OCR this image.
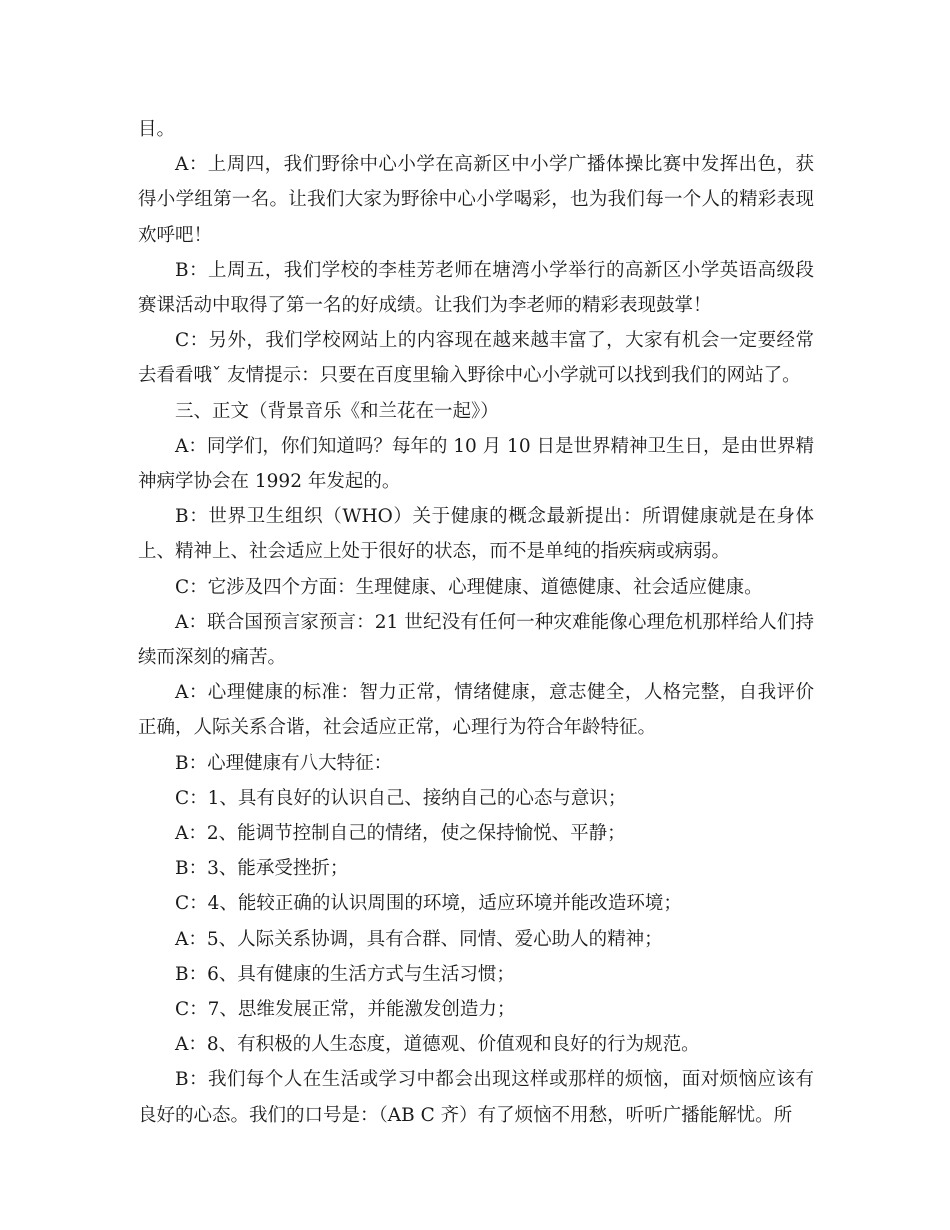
目。

A：上周四，我们野徐中心小学在高新区中小学广播体操比赛中发挥出色，获得小学组第一名。让我们大家为野徐中心小学喝彩，也为我们每一个人的精彩表现欢呼吧！

B：上周五，我们学校的李桂芳老师在塘湾小学举行的高新区小学英语高级段赛课活动中取得了第一名的好成绩。让我们为李老师的精彩表现鼓掌！

C：另外，我们学校网站上的内容现在越来越丰富了，大家有机会一定要经常去看看哦ˇ 友情提示：只要在百度里输入野徐中心小学就可以找到我们的网站了。

三、正文（背景音乐《和兰花在一起》）

A：同学们，你们知道吗？每年的 10 月 10 日是世界精神卫生日，是由世界精神病学协会在 1992 年发起的。

B：世界卫生组织（WHO）关于健康的概念最新提出：所谓健康就是在身体上、精神上、社会适应上处于很好的状态，而不是单纯的指疾病或病弱。

C：它涉及四个方面：生理健康、心理健康、道德健康、社会适应健康。

A：联合国预言家预言：21 世纪没有任何一种灾难能像心理危机那样给人们持续而深刻的痛苦。

A：心理健康的标准：智力正常，情绪健康，意志健全，人格完整，自我评价正确，人际关系合谐，社会适应正常，心理行为符合年龄特征。

B：心理健康有八大特征：

C：1、具有良好的认识自己、接纳自己的心态与意识；

A：2、能调节控制自己的情绪，使之保持愉悦、平静；

B：3、能承受挫折；

C：4、能较正确的认识周围的环境，适应环境并能改造环境；

A：5、人际关系协调，具有合群、同情、爱心助人的精神；

B：6、具有健康的生活方式与生活习惯；

C：7、思维发展正常，并能激发创造力；

A：8、有积极的人生态度，道德观、价值观和良好的行为规范。

B：我们每个人在生活或学习中都会出现这样或那样的烦恼，面对烦恼应该有良好的心态。我们的口号是：（AB C 齐）有了烦恼不用愁，听听广播能解忧。所
